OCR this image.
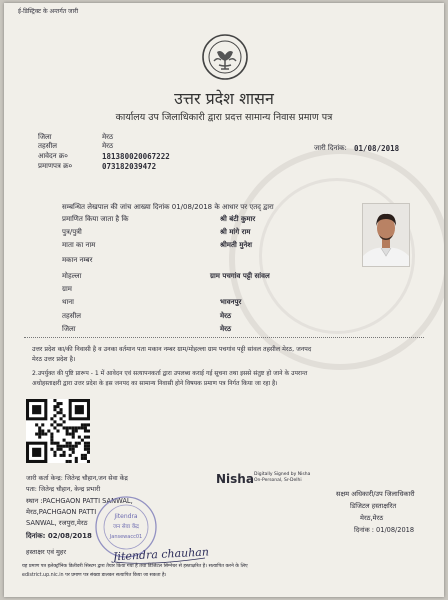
ई-डिस्ट्रिक्ट के अन्तर्गत जारी
उत्तर प्रदेश शासन
कार्यालय उप जिलाधिकारी द्वारा प्रदत्त सामान्य निवास प्रमाण पत्र
जिला	मेरठ
तहसील	मेरठ
आवेदन क्र०	181380020067222
प्रमाणपत्र क्र०	073182039472
जारी दिनांक: 01/08/2018
सम्बन्धित लेखपाल की जांच आख्या दिनांक 01/08/2018 के आधार पर एतद् द्वारा
प्रमाणित किया जाता है कि	श्री बंटी कुमार
पुत्र/पुत्री	श्री मांगे राम
माता का नाम	श्रीमती मुनेश
मकान नम्बर
मोहल्ला	ग्राम पचगांव पट्टी सांवल
ग्राम
थाना	भावनपुर
तहसील	मेरठ
जिला	मेरठ
उत्तर प्रदेश का/की निवासी है व उनका वर्तमान पता मकान नम्बर ग्राम/मोहल्ला ग्राम पचगांव पट्टी सांवल तहसील मेरठ, जनपद
मेरठ उत्तर प्रदेश है।
2.उपर्युक्त की पुष्टि प्रारूप - 1 में आवेदन एवं सत्यापनकर्ता द्वारा उपलब्ध कराई गई सूचना तथा इससे संतुष्ट हो जाने के उपरान्त
अधोहस्ताक्षरी द्वारा उत्तर प्रदेश के इस जनपद का सामान्य निवासी होने विषयक प्रमाण पत्र निर्गत किया जा रहा है।
Nisha Digitally Signed by Nisha
On-Personal, Sr-Delhi
जारी कर्ता केन्द्र: जितेन्द्र चौहान,जन सेवा केंद्र
पता: जितेन्द्र चौहान, केन्द्र प्रभारी
स्थान :PACHGAON PATTI SANWAL,
मेरठ,PACHGAON PATTI
SANWAL, रजपुरा,मेरठ
दिनांक: 02/08/2018
हस्ताक्षर एवं मुहर
Jitendra
जन सेवा केंद्र
Jansewacc01
Jitendra chauhan
सक्षम अधिकारी/उप जिलाधिकारी
डिजिटल हस्ताक्षरित
मेरठ,मेरठ
दिनांक : 01/08/2018
यह प्रमाण पत्र इलेक्ट्रॉनिक डिलीवरी सिस्टम द्वारा तैयार किया गया है तथा डिजिटल सिग्नेचर से हस्ताक्षरित है। सत्यापित करने के लिए
edistrict.up.nic.in पर प्रमाण पत्र संख्या डालकर सत्यापित किया जा सकता है।
